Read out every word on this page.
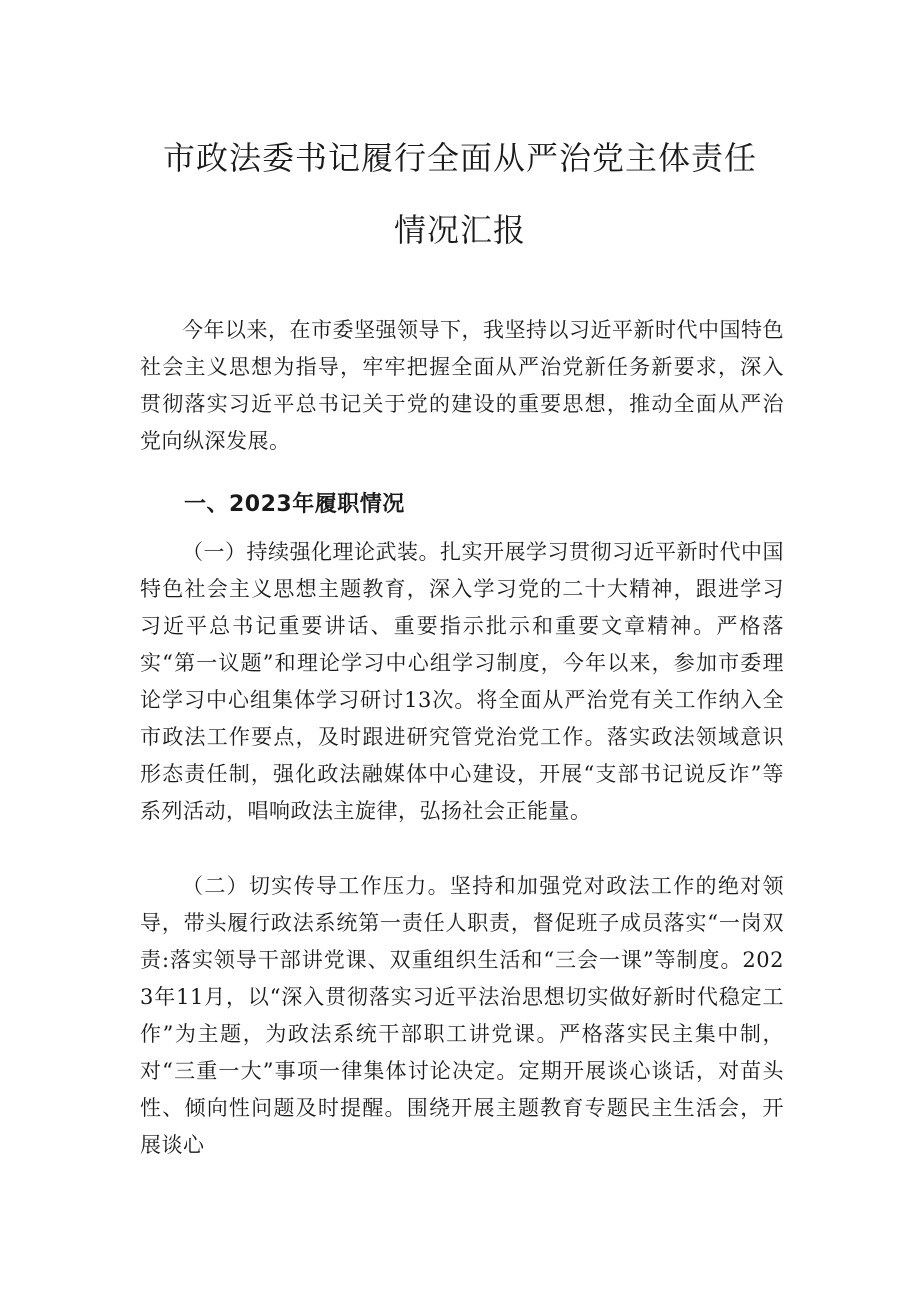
市政法委书记履行全面从严治党主体责任
情况汇报

今年以来，在市委坚强领导下，我坚持以习近平新时代中国特色社会主义思想为指导，牢牢把握全面从严治党新任务新要求，深入贯彻落实习近平总书记关于党的建设的重要思想，推动全面从严治党向纵深发展。

一、2023年履职情况

（一）持续强化理论武装。扎实开展学习贯彻习近平新时代中国特色社会主义思想主题教育，深入学习党的二十大精神，跟进学习习近平总书记重要讲话、重要指示批示和重要文章精神。严格落实“第一议题”和理论学习中心组学习制度，今年以来，参加市委理论学习中心组集体学习研讨13次。将全面从严治党有关工作纳入全市政法工作要点，及时跟进研究管党治党工作。落实政法领域意识形态责任制，强化政法融媒体中心建设，开展“支部书记说反诈”等系列活动，唱响政法主旋律，弘扬社会正能量。

（二）切实传导工作压力。坚持和加强党对政法工作的绝对领导，带头履行政法系统第一责任人职责，督促班子成员落实“一岗双责:落实领导干部讲党课、双重组织生活和“三会一课”等制度。2023年11月，以“深入贯彻落实习近平法治思想切实做好新时代稳定工作”为主题，为政法系统干部职工讲党课。严格落实民主集中制，对“三重一大”事项一律集体讨论决定。定期开展谈心谈话，对苗头性、倾向性问题及时提醒。围绕开展主题教育专题民主生活会，开展谈心
